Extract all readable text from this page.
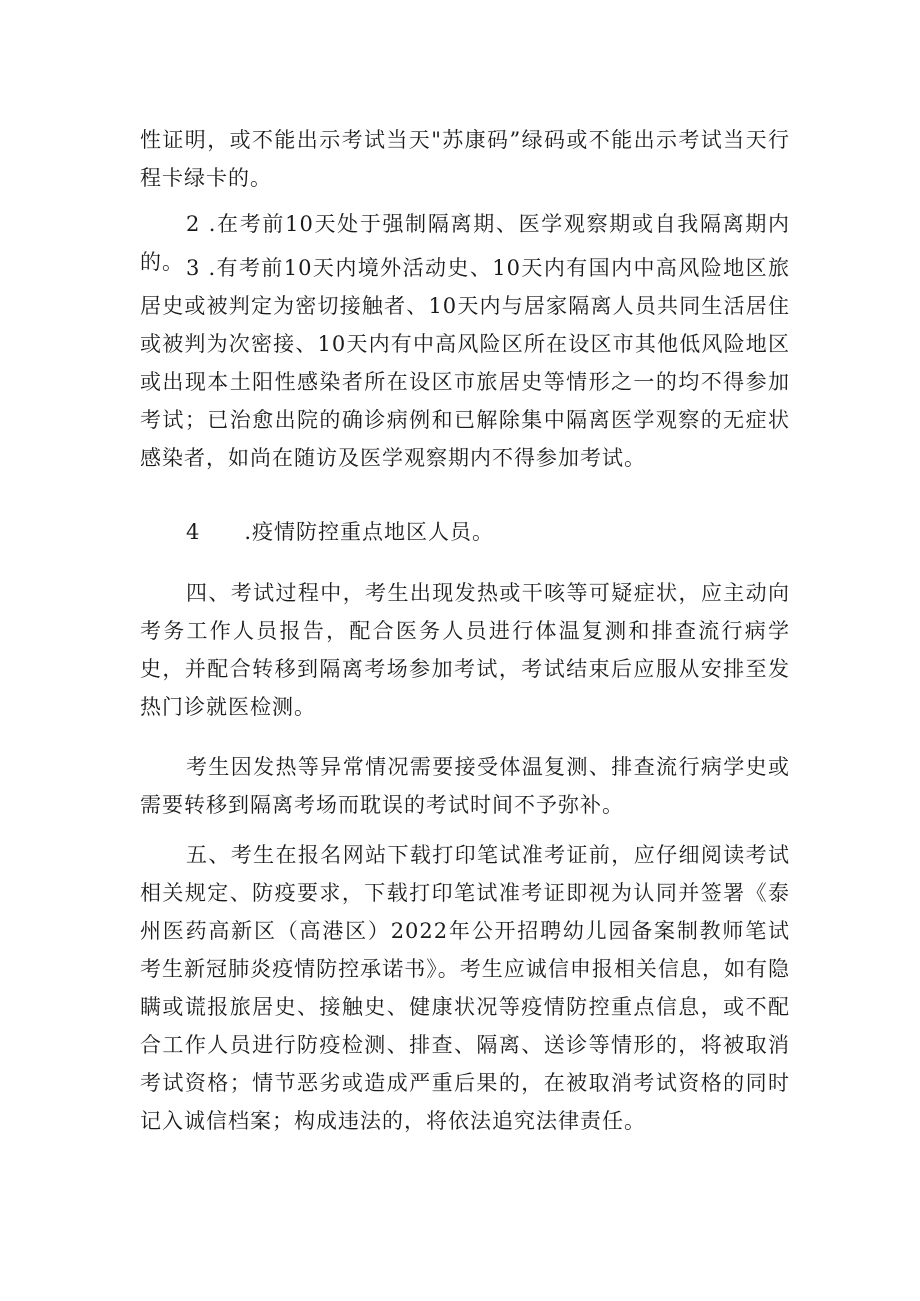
性证明，或不能出示考试当天"苏康码”绿码或不能出示考试当天行程卡绿卡的。

2 .在考前10天处于强制隔离期、医学观察期或自我隔离期内的。 3 .有考前10天内境外活动史、10天内有国内中高风险地区旅居史或被判定为密切接触者、10天内与居家隔离人员共同生活居住或被判为次密接、10天内有中高风险区所在设区市其他低风险地区或出现本土阳性感染者所在设区市旅居史等情形之一的均不得参加考试；已治愈出院的确诊病例和已解除集中隔离医学观察的无症状感染者，如尚在随访及医学观察期内不得参加考试。

4　　.疫情防控重点地区人员。

四、考试过程中，考生出现发热或干咳等可疑症状，应主动向考务工作人员报告，配合医务人员进行体温复测和排查流行病学史，并配合转移到隔离考场参加考试，考试结束后应服从安排至发热门诊就医检测。

考生因发热等异常情况需要接受体温复测、排查流行病学史或需要转移到隔离考场而耽误的考试时间不予弥补。

五、考生在报名网站下载打印笔试准考证前，应仔细阅读考试相关规定、防疫要求，下载打印笔试准考证即视为认同并签署《泰州医药高新区（高港区）2022年公开招聘幼儿园备案制教师笔试考生新冠肺炎疫情防控承诺书》。考生应诚信申报相关信息，如有隐瞒或谎报旅居史、接触史、健康状况等疫情防控重点信息，或不配合工作人员进行防疫检测、排查、隔离、送诊等情形的，将被取消考试资格；情节恶劣或造成严重后果的，在被取消考试资格的同时记入诚信档案；构成违法的，将依法追究法律责任。
